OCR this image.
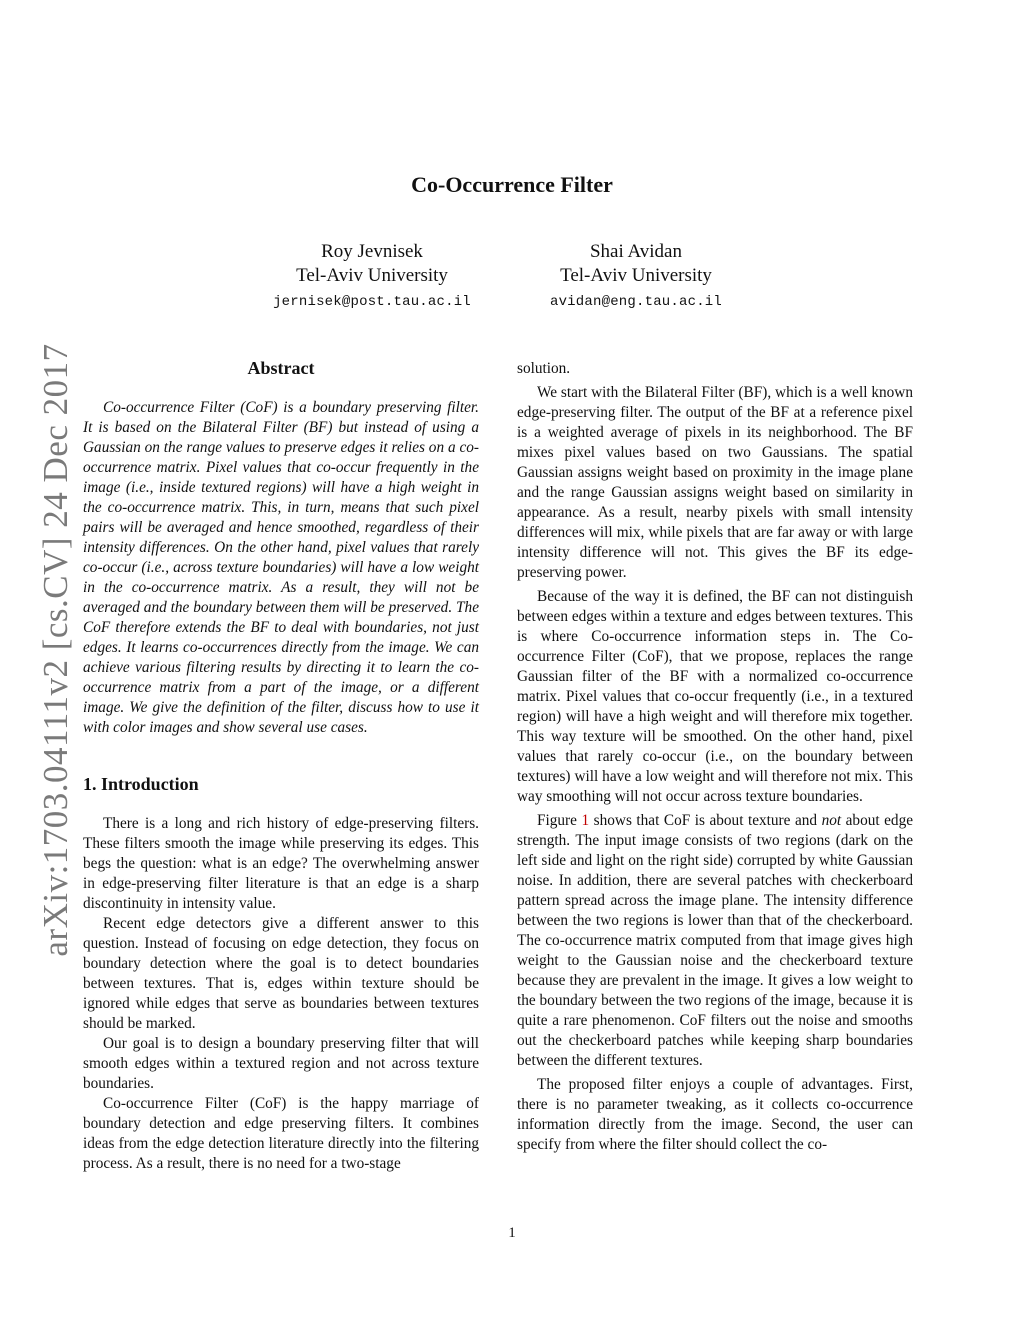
arXiv:1703.04111v2 [cs.CV] 24 Dec 2017
Co-Occurrence Filter
Roy Jevnisek
Tel-Aviv University
jernisek@post.tau.ac.il
Shai Avidan
Tel-Aviv University
avidan@eng.tau.ac.il
Abstract

Co-occurrence Filter (CoF) is a boundary preserving filter. It is based on the Bilateral Filter (BF) but instead of using a Gaussian on the range values to preserve edges it relies on a co-occurrence matrix. Pixel values that co-occur frequently in the image (i.e., inside textured regions) will have a high weight in the co-occurrence matrix. This, in turn, means that such pixel pairs will be averaged and hence smoothed, regardless of their intensity differences. On the other hand, pixel values that rarely co-occur (i.e., across texture boundaries) will have a low weight in the co-occurrence matrix. As a result, they will not be averaged and the boundary between them will be preserved. The CoF therefore extends the BF to deal with boundaries, not just edges. It learns co-occurrences directly from the image. We can achieve various filtering results by directing it to learn the co-occurrence matrix from a part of the image, or a different image. We give the definition of the filter, discuss how to use it with color images and show several use cases.

1. Introduction

There is a long and rich history of edge-preserving filters. These filters smooth the image while preserving its edges. This begs the question: what is an edge? The overwhelming answer in edge-preserving filter literature is that an edge is a sharp discontinuity in intensity value.

Recent edge detectors give a different answer to this question. Instead of focusing on edge detection, they focus on boundary detection where the goal is to detect boundaries between textures. That is, edges within texture should be ignored while edges that serve as boundaries between textures should be marked.

Our goal is to design a boundary preserving filter that will smooth edges within a textured region and not across texture boundaries.

Co-occurrence Filter (CoF) is the happy marriage of boundary detection and edge preserving filters. It combines ideas from the edge detection literature directly into the filtering process. As a result, there is no need for a two-stage

solution.

We start with the Bilateral Filter (BF), which is a well known edge-preserving filter. The output of the BF at a reference pixel is a weighted average of pixels in its neighborhood. The BF mixes pixel values based on two Gaussians. The spatial Gaussian assigns weight based on proximity in the image plane and the range Gaussian assigns weight based on similarity in appearance. As a result, nearby pixels with small intensity differences will mix, while pixels that are far away or with large intensity difference will not. This gives the BF its edge-preserving power.

Because of the way it is defined, the BF can not distinguish between edges within a texture and edges between textures. This is where Co-occurrence information steps in. The Co-occurrence Filter (CoF), that we propose, replaces the range Gaussian filter of the BF with a normalized co-occurrence matrix. Pixel values that co-occur frequently (i.e., in a textured region) will have a high weight and will therefore mix together. This way texture will be smoothed. On the other hand, pixel values that rarely co-occur (i.e., on the boundary between textures) will have a low weight and will therefore not mix. This way smoothing will not occur across texture boundaries.

Figure 1 shows that CoF is about texture and not about edge strength. The input image consists of two regions (dark on the left side and light on the right side) corrupted by white Gaussian noise. In addition, there are several patches with checkerboard pattern spread across the image plane. The intensity difference between the two regions is lower than that of the checkerboard. The co-occurrence matrix computed from that image gives high weight to the Gaussian noise and the checkerboard texture because they are prevalent in the image. It gives a low weight to the boundary between the two regions of the image, because it is quite a rare phenomenon. CoF filters out the noise and smooths out the checkerboard patches while keeping sharp boundaries between the different textures.

The proposed filter enjoys a couple of advantages. First, there is no parameter tweaking, as it collects co-occurrence information directly from the image. Second, the user can specify from where the filter should collect the co-

1
